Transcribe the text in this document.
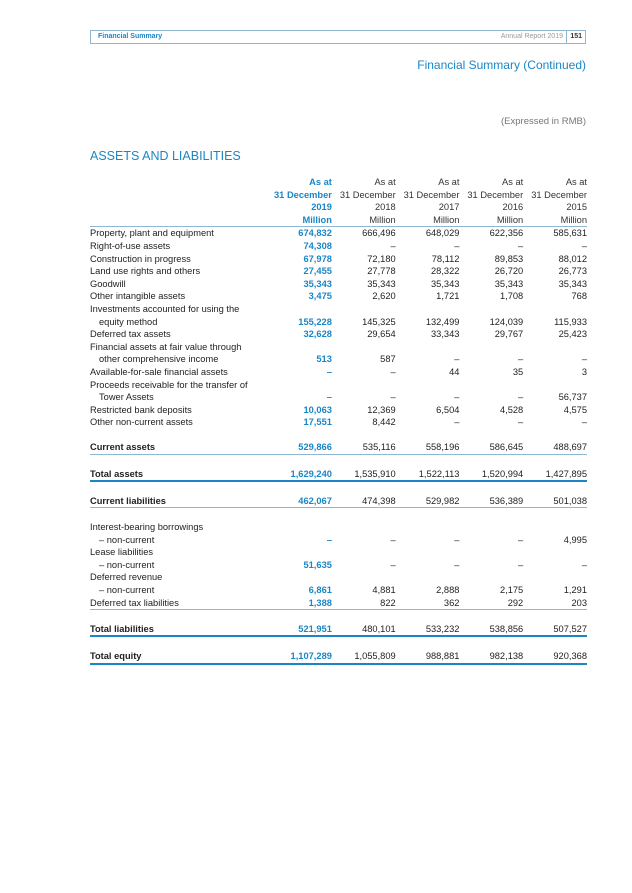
Financial Summary	Annual Report 2019 151
Financial Summary (Continued)
(Expressed in RMB)
ASSETS AND LIABILITIES
	As at	As at	As at	As at	As at
	31 December	31 December	31 December	31 December	31 December
	2019	2018	2017	2016	2015
	Million	Million	Million	Million	Million
Property, plant and equipment	674,832	666,496	648,029	622,356	585,631
Right-of-use assets	74,308	–	–	–	–
Construction in progress	67,978	72,180	78,112	89,853	88,012
Land use rights and others	27,455	27,778	28,322	26,720	26,773
Goodwill	35,343	35,343	35,343	35,343	35,343
Other intangible assets	3,475	2,620	1,721	1,708	768
Investments accounted for using the					
equity method	155,228	145,325	132,499	124,039	115,933
Deferred tax assets	32,628	29,654	33,343	29,767	25,423
Financial assets at fair value through					
other comprehensive income	513	587	–	–	–
Available-for-sale financial assets	–	–	44	35	3
Proceeds receivable for the transfer of					
Tower Assets	–	–	–	–	56,737
Restricted bank deposits	10,063	12,369	6,504	4,528	4,575
Other non-current assets	17,551	8,442	–	–	–

Current assets	529,866	535,116	558,196	586,645	488,697

Total assets	1,629,240	1,535,910	1,522,113	1,520,994	1,427,895

Current liabilities	462,067	474,398	529,982	536,389	501,038

Interest-bearing borrowings					
– non-current	–	–	–	–	4,995
Lease liabilities					
– non-current	51,635	–	–	–	–
Deferred revenue					
– non-current	6,861	4,881	2,888	2,175	1,291
Deferred tax liabilities	1,388	822	362	292	203

Total liabilities	521,951	480,101	533,232	538,856	507,527

Total equity	1,107,289	1,055,809	988,881	982,138	920,368
